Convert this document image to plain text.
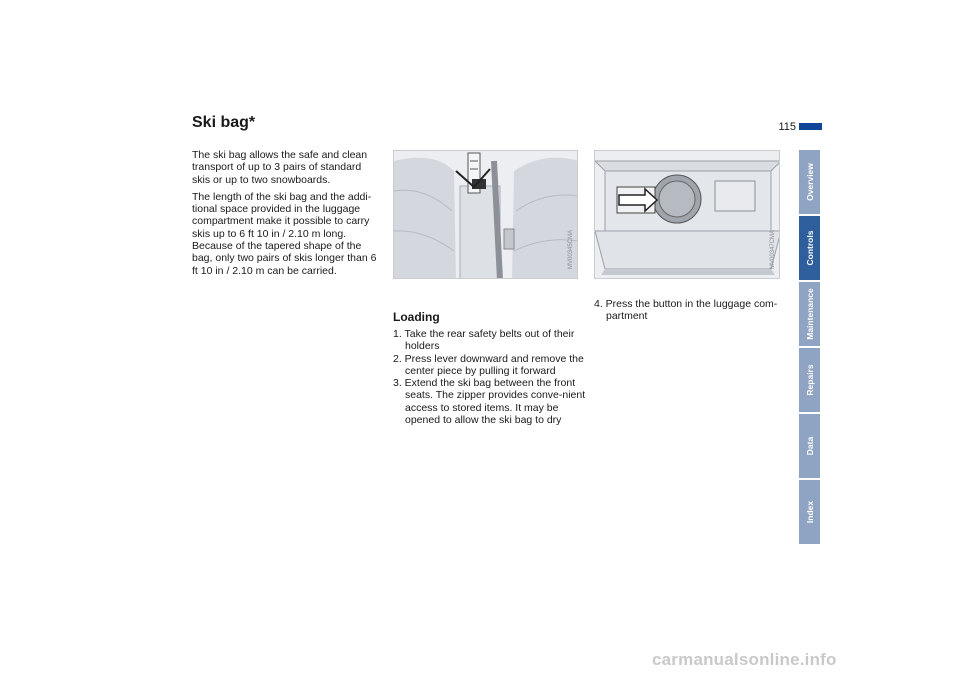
Ski bag*	115

The ski bag allows the safe and clean transport of up to 3 pairs of standard skis or up to two snowboards.

The length of the ski bag and the addi-tional space provided in the luggage compartment make it possible to carry skis up to 6 ft 10 in / 2.10 m long. Because of the tapered shape of the bag, only two pairs of skis longer than 6 ft 10 in / 2.10 m can be carried.

MV00345CMA	MV00347CMA
Loading
1. Take the rear safety belts out of their holders
2. Press lever downward and remove the center piece by pulling it forward
3. Extend the ski bag between the front seats. The zipper provides conve-nient access to stored items. It may be opened to allow the ski bag to dry
4. Press the button in the luggage com-partment
Overview
Controls
Maintenance
Repairs
Data
Index
carmanualsonline.info
